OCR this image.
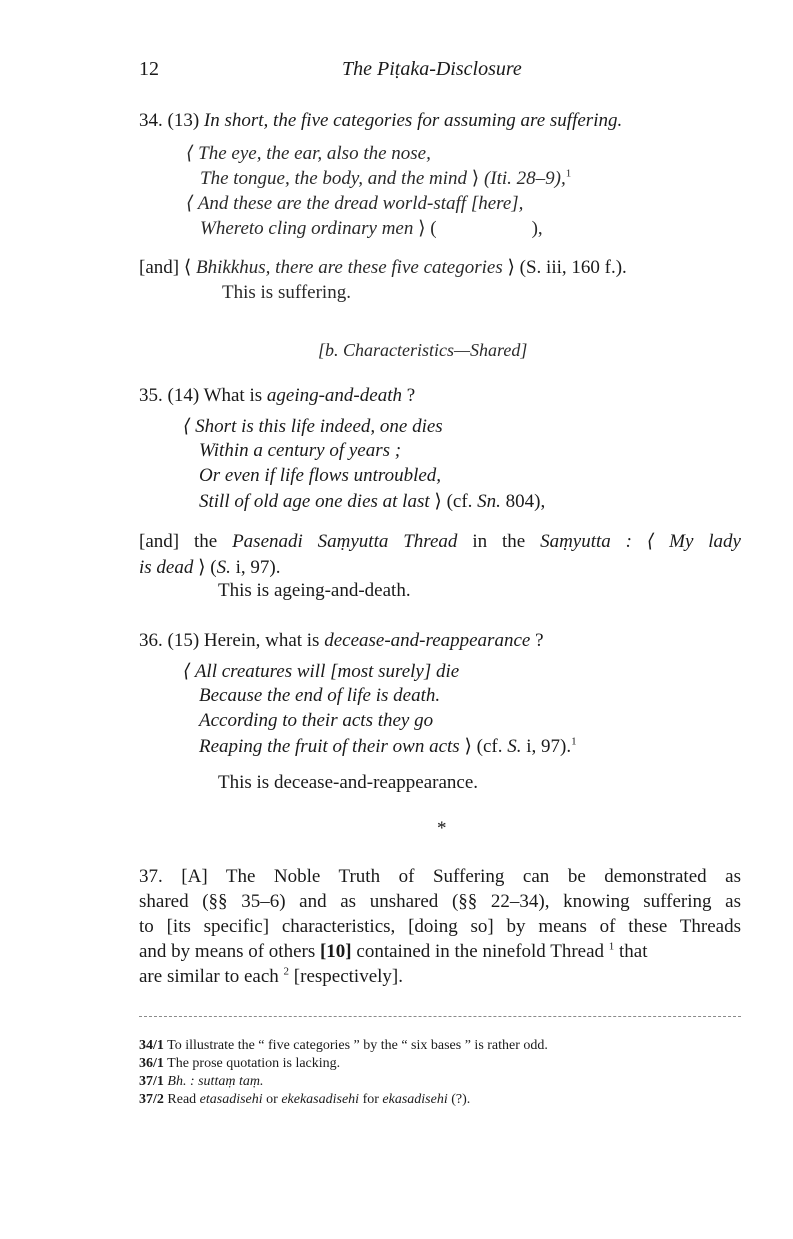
12	The Piṭaka-Disclosure
34. (13) In short, the five categories for assuming are suffering.
⟨ The eye, the ear, also the nose,
The tongue, the body, and the mind ⟩ (Iti. 28–9),$^1$
⟨ And these are the dread world-staff [here],
Whereto cling ordinary men ⟩ (                    ),
[and] ⟨ Bhikkhus, there are these five categories ⟩ (S. iii, 160 f.).
This is suffering.
[b. Characteristics—Shared]
35. (14) What is ageing-and-death ?
⟨ Short is this life indeed, one dies
Within a century of years ;
Or even if life flows untroubled,
Still of old age one dies at last ⟩ (cf. Sn. 804),
[and] the Pasenadi Saṃyutta Thread in the Saṃyutta : ⟨ My lady
is dead ⟩ (S. i, 97).
This is ageing-and-death.
36. (15) Herein, what is decease-and-reappearance ?
⟨ All creatures will [most surely] die
Because the end of life is death.
According to their acts they go
Reaping the fruit of their own acts ⟩ (cf. S. i, 97).$^1$
This is decease-and-reappearance.
*
37. [A] The Noble Truth of Suffering can be demonstrated as
shared (§§ 35–6) and as unshared (§§ 22–34), knowing suffering as
to [its specific] characteristics, [doing so] by means of these Threads
and by means of others [10] contained in the ninefold Thread $^1$ that
are similar to each $^2$ [respectively].
34/1 To illustrate the “ five categories ” by the “ six bases ” is rather odd.
36/1 The prose quotation is lacking.
37/1 Bh. : suttaṃ taṃ.
37/2 Read etasadisehi or ekekasadisehi for ekasadisehi (?).
